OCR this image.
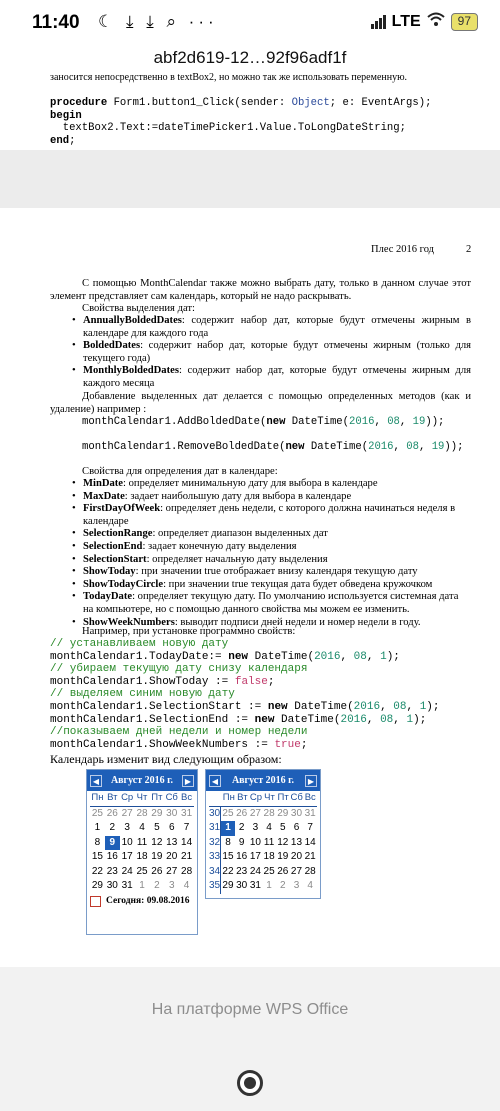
11:40 ☾ ⤓ ⤓ ⌕ ···	LTE	97
abf2d619-12…92f96adf1f
заносится непосредственно в textBox2, но можно так же использовать переменную.
procedure Form1.button1_Click(sender: Object; e: EventArgs);
begin
textBox2.Text:=dateTimePicker1.Value.ToLongDateString;
end;
Плес 2016 год	2
С помощью MonthCalendar также можно выбрать дату, только в данном случае этот элемент представляет сам календарь, который не надо раскрывать.
Свойства выделения дат:
• AnnuallyBoldedDates: содержит набор дат, которые будут отмечены жирным в календаре для каждого года
• BoldedDates: содержит набор дат, которые будут отмечены жирным (только для текущего года)
• MonthlyBoldedDates: содержит набор дат, которые будут отмечены жирным для каждого месяца
Добавление выделенных дат делается с помощью определенных методов (как и удаление) например :
monthCalendar1.AddBoldedDate(new DateTime(2016, 08, 19));

monthCalendar1.RemoveBoldedDate(new DateTime(2016, 08, 19));
Свойства для определения дат в календаре:
• MinDate: определяет минимальную дату для выбора в календаре
• MaxDate: задает наибольшую дату для выбора в календаре
• FirstDayOfWeek: определяет день недели, с которого должна начинаться неделя в календаре
• SelectionRange: определяет диапазон выделенных дат
• SelectionEnd: задает конечную дату выделения
• SelectionStart: определяет начальную дату выделения
• ShowToday: при значении true отображает внизу календаря текущую дату
• ShowTodayCircle: при значении true текущая дата будет обведена кружочком
• TodayDate: определяет текущую дату. По умолчанию используется системная дата на компьютере, но с помощью данного свойства мы можем ее изменить.
• ShowWeekNumbers: выводит подписи дней недели и номер недели в году.
Например, при установке программно свойств:
// устанавливаем новую дату
monthCalendar1.TodayDate:= new DateTime(2016, 08, 1);
// убираем текущую дату снизу календаря
monthCalendar1.ShowToday := false;
// выделяем синим новую дату
monthCalendar1.SelectionStart := new DateTime(2016, 08, 1);
monthCalendar1.SelectionEnd := new DateTime(2016, 08, 1);
//показываем дней недели и номер недели
monthCalendar1.ShowWeekNumbers := true;
Календарь изменит вид следующим образом:
◀	Август 2016 г.	▶
Пн Вт Ср Чт Пт Сб Вс
25 26 27 28 29 30 31
1 2 3 4 5 6 7
8 9 10 11 12 13 14
15 16 17 18 19 20 21
22 23 24 25 26 27 28
29 30 31 1 2 3 4
Сегодня: 09.08.2016
◀	Август 2016 г.	▶
Пн Вт Ср Чт Пт Сб Вс
30 25 26 27 28 29 30 31
31 1 2 3 4 5 6 7
32 8 9 10 11 12 13 14
33 15 16 17 18 19 20 21
34 22 23 24 25 26 27 28
35 29 30 31 1 2 3 4
На платформе WPS Office
